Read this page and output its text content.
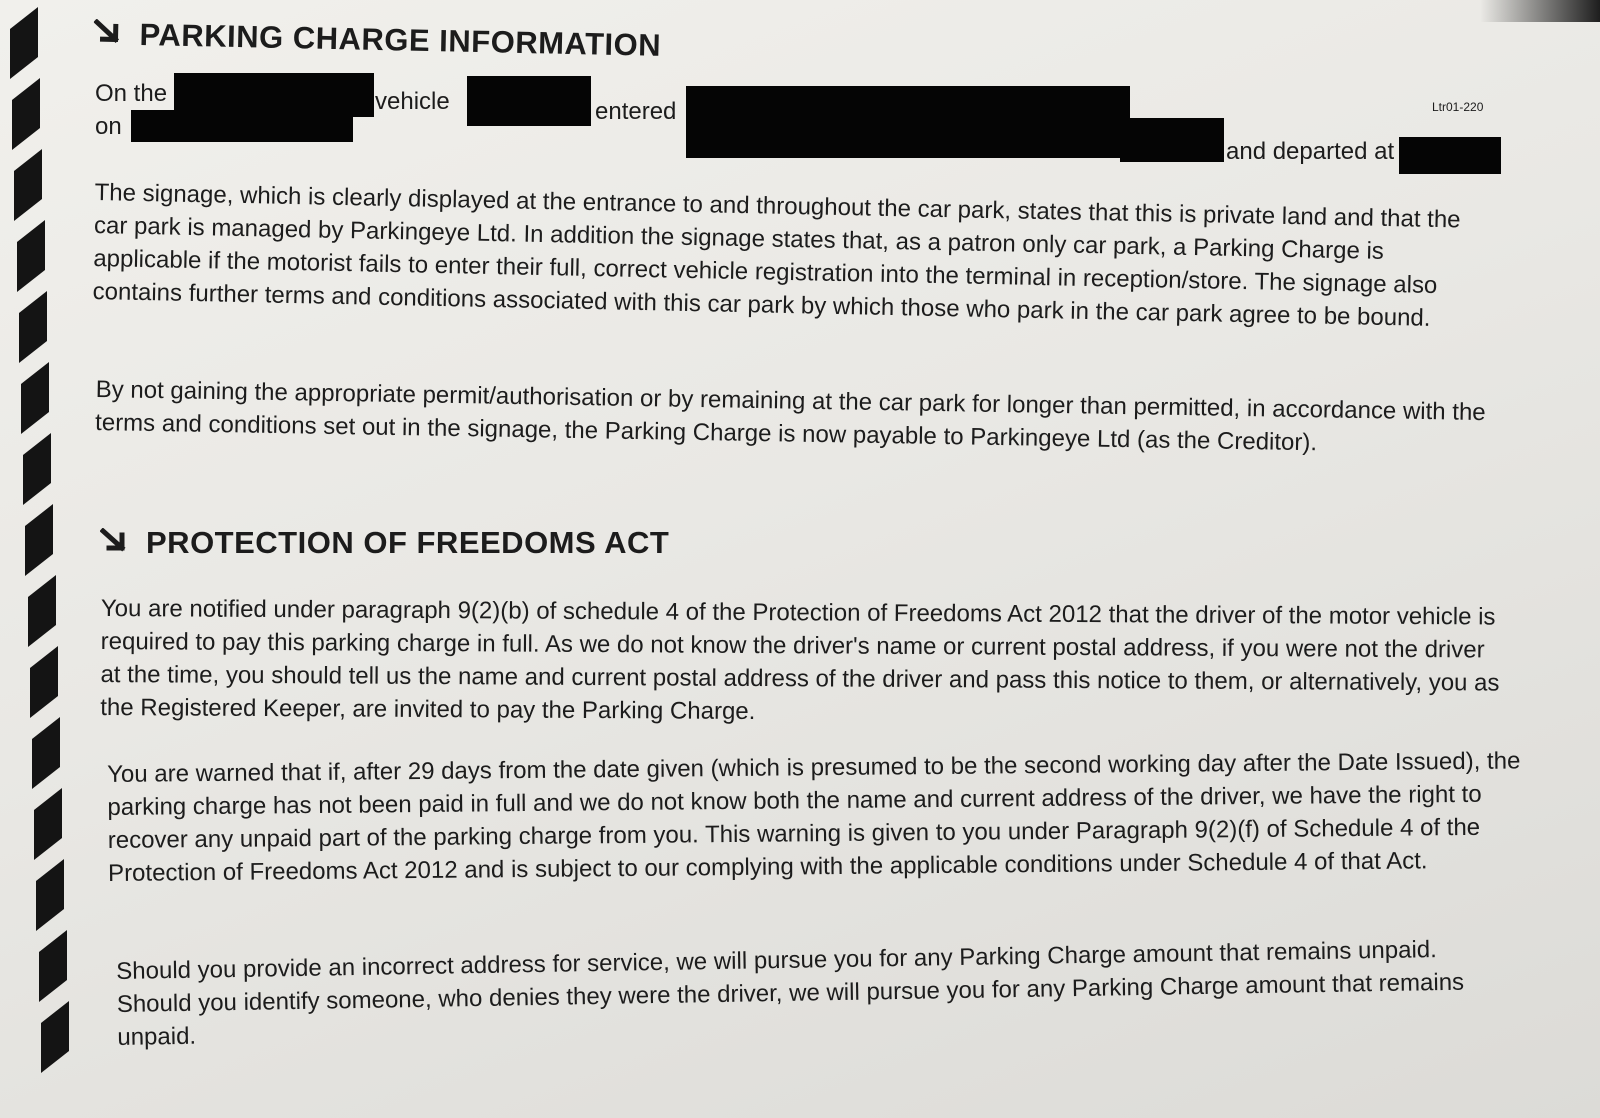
PARKING CHARGE INFORMATION
On the	vehicle	entered
on
and departed at
Ltr01-220

The signage, which is clearly displayed at the entrance to and throughout the car park, states that this is private land and that the car park is managed by Parkingeye Ltd. In addition the signage states that, as a patron only car park, a Parking Charge is applicable if the motorist fails to enter their full, correct vehicle registration into the terminal in reception/store. The signage also contains further terms and conditions associated with this car park by which those who park in the car park agree to be bound.

By not gaining the appropriate permit/authorisation or by remaining at the car park for longer than permitted, in accordance with the terms and conditions set out in the signage, the Parking Charge is now payable to Parkingeye Ltd (as the Creditor).

PROTECTION OF FREEDOMS ACT

You are notified under paragraph 9(2)(b) of schedule 4 of the Protection of Freedoms Act 2012 that the driver of the motor vehicle is required to pay this parking charge in full. As we do not know the driver's name or current postal address, if you were not the driver at the time, you should tell us the name and current postal address of the driver and pass this notice to them, or alternatively, you as the Registered Keeper, are invited to pay the Parking Charge.

You are warned that if, after 29 days from the date given (which is presumed to be the second working day after the Date Issued), the parking charge has not been paid in full and we do not know both the name and current address of the driver, we have the right to recover any unpaid part of the parking charge from you. This warning is given to you under Paragraph 9(2)(f) of Schedule 4 of the Protection of Freedoms Act 2012 and is subject to our complying with the applicable conditions under Schedule 4 of that Act.

Should you provide an incorrect address for service, we will pursue you for any Parking Charge amount that remains unpaid. Should you identify someone, who denies they were the driver, we will pursue you for any Parking Charge amount that remains unpaid.
